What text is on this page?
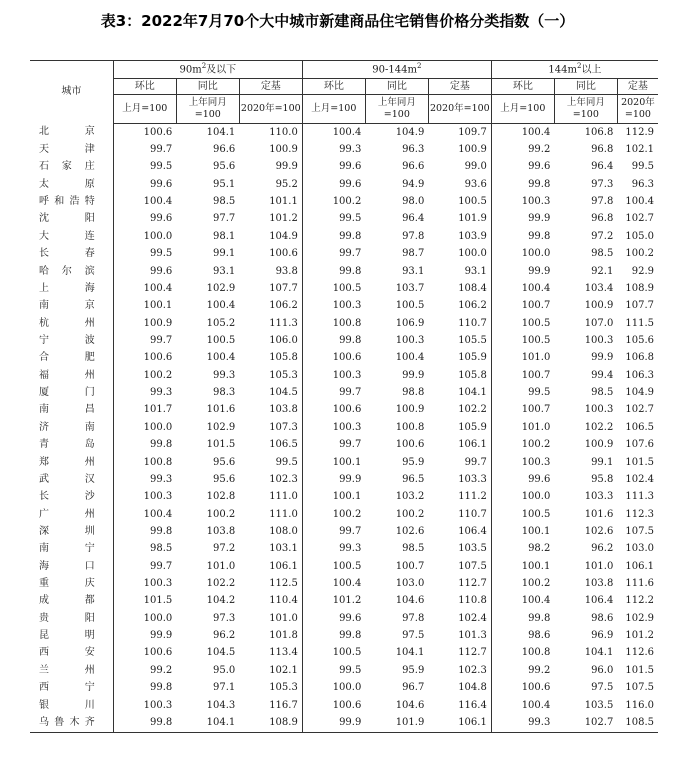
表3：2022年7月70个大中城市新建商品住宅销售价格分类指数（一）
城市	$90m^2$及以下			$90-144m^2$			$144m^2$以上		
	环比	同比	定基	环比	同比	定基	环比	同比	定基
	上月=100	上年同月=100	2020年=100	上月=100	上年同月=100	2020年=100	上月=100	上年同月=100	2020年=100
北京	100.6	104.1	110.0	100.4	104.9	109.7	100.4	106.8	112.9
天津	99.7	96.6	100.9	99.3	96.3	100.9	99.2	96.8	102.1
石家庄	99.5	95.6	99.9	99.6	96.6	99.0	99.6	96.4	99.5
太原	99.6	95.1	95.2	99.6	94.9	93.6	99.8	97.3	96.3
呼和浩特	100.4	98.5	101.1	100.2	98.0	100.5	100.3	97.8	100.4
沈阳	99.6	97.7	101.2	99.5	96.4	101.9	99.9	96.8	102.7
大连	100.0	98.1	104.9	99.8	97.8	103.9	99.8	97.2	105.0
长春	99.5	99.1	100.6	99.7	98.7	100.0	100.0	98.5	100.2
哈尔滨	99.6	93.1	93.8	99.8	93.1	93.1	99.9	92.1	92.9
上海	100.4	102.9	107.7	100.5	103.7	108.4	100.4	103.4	108.9
南京	100.1	100.4	106.2	100.3	100.5	106.2	100.7	100.9	107.7
杭州	100.9	105.2	111.3	100.8	106.9	110.7	100.5	107.0	111.5
宁波	99.7	100.5	106.0	99.8	100.3	105.5	100.5	100.3	105.6
合肥	100.6	100.4	105.8	100.6	100.4	105.9	101.0	99.9	106.8
福州	100.2	99.3	105.3	100.3	99.9	105.8	100.7	99.4	106.3
厦门	99.3	98.3	104.5	99.7	98.8	104.1	99.5	98.5	104.9
南昌	101.7	101.6	103.8	100.6	100.9	102.2	100.7	100.3	102.7
济南	100.0	102.9	107.3	100.3	100.8	105.9	101.0	102.2	106.5
青岛	99.8	101.5	106.5	99.7	100.6	106.1	100.2	100.9	107.6
郑州	100.8	95.6	99.5	100.1	95.9	99.7	100.3	99.1	101.5
武汉	99.3	95.6	102.3	99.9	96.5	103.3	99.6	95.8	102.4
长沙	100.3	102.8	111.0	100.1	103.2	111.2	100.0	103.3	111.3
广州	100.4	100.2	111.0	100.2	100.2	110.7	100.5	101.6	112.3
深圳	99.8	103.8	108.0	99.7	102.6	106.4	100.1	102.6	107.5
南宁	98.5	97.2	103.1	99.3	98.5	103.5	98.2	96.2	103.0
海口	99.7	101.0	106.1	100.5	100.7	107.5	100.1	101.0	106.1
重庆	100.3	102.2	112.5	100.4	103.0	112.7	100.2	103.8	111.6
成都	101.5	104.2	110.4	101.2	104.6	110.8	100.4	106.4	112.2
贵阳	100.0	97.3	101.0	99.6	97.8	102.4	99.8	98.6	102.9
昆明	99.9	96.2	101.8	99.8	97.5	101.3	98.6	96.9	101.2
西安	100.6	104.5	113.4	100.5	104.1	112.7	100.8	104.1	112.6
兰州	99.2	95.0	102.1	99.5	95.9	102.3	99.2	96.0	101.5
西宁	99.8	97.1	105.3	100.0	96.7	104.8	100.6	97.5	107.5
银川	100.3	104.3	116.7	100.6	104.6	116.4	100.4	103.5	116.0
乌鲁木齐	99.8	104.1	108.9	99.9	101.9	106.1	99.3	102.7	108.5
